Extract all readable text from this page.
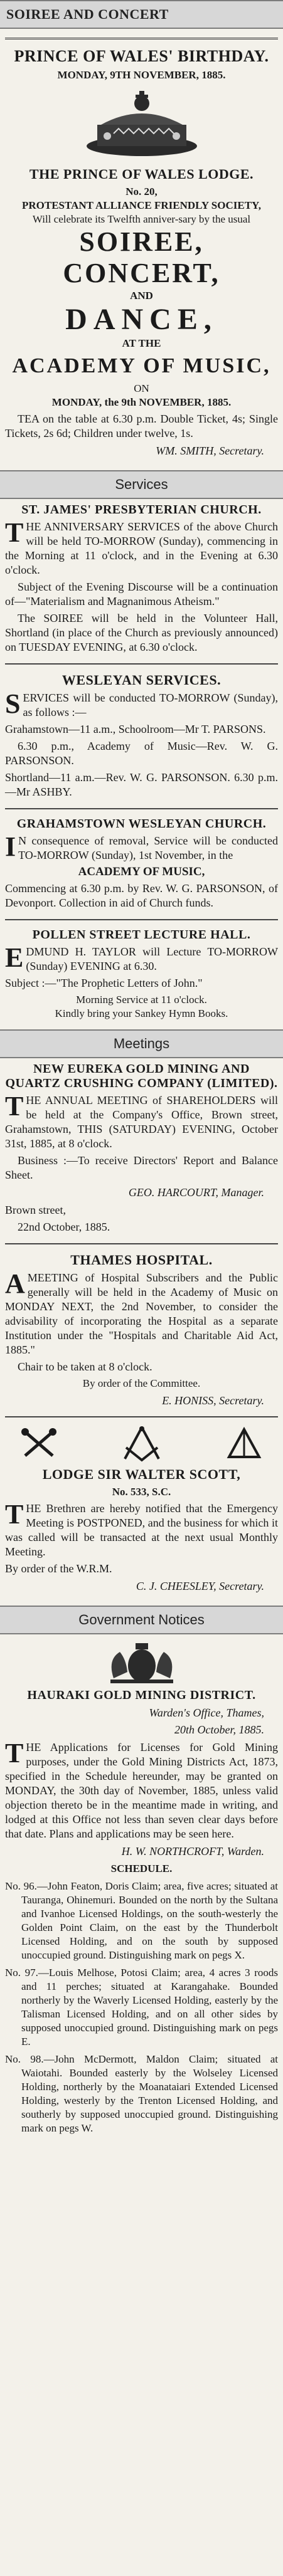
SOIREE AND CONCERT
PRINCE OF WALES' BIRTHDAY.
MONDAY, 9TH NOVEMBER, 1885.
THE PRINCE OF WALES LODGE.
No. 20,
PROTESTANT ALLIANCE FRIENDLY SOCIETY,
Will celebrate its Twelfth anniver-sary by the usual
SOIREE, CONCERT,
AND
DANCE,
AT THE
ACADEMY OF MUSIC,
ON
MONDAY, the 9th NOVEMBER, 1885.
TEA on the table at 6.30 p.m. Double Ticket, 4s; Single Tickets, 2s 6d; Children under twelve, 1s.
WM. SMITH, Secretary.
Services
ST. JAMES' PRESBYTERIAN CHURCH.
THE ANNIVERSARY SERVICES of the above Church will be held TO-MORROW (Sunday), commencing in the Morning at 11 o'clock, and in the Evening at 6.30 o'clock.
Subject of the Evening Discourse will be a continuation of—"Materialism and Magnanimous Atheism."
The SOIREE will be held in the Volunteer Hall, Shortland (in place of the Church as previously announced) on TUESDAY EVENING, at 6.30 o'clock.
WESLEYAN SERVICES.
SERVICES will be conducted TO-MORROW (Sunday), as follows :—
Grahamstown—11 a.m., Schoolroom—Mr T. PARSONS.
6.30 p.m., Academy of Music—Rev. W. G. PARSONSON.
Shortland—11 a.m.—Rev. W. G. PARSONSON. 6.30 p.m.—Mr ASHBY.
GRAHAMSTOWN WESLEYAN CHURCH.
IN consequence of removal, Service will be conducted TO-MORROW (Sunday), 1st November, in the
ACADEMY OF MUSIC,
Commencing at 6.30 p.m. by Rev. W. G. PARSONSON, of Devonport. Collection in aid of Church funds.
POLLEN STREET LECTURE HALL.
EDMUND H. TAYLOR will Lecture TO-MORROW (Sunday) EVENING at 6.30.
Subject :—"The Prophetic Letters of John."
Morning Service at 11 o'clock.
Kindly bring your Sankey Hymn Books.
Meetings
NEW EUREKA GOLD MINING AND QUARTZ CRUSHING COMPANY (LIMITED).
THE ANNUAL MEETING of SHAREHOLDERS will be held at the Company's Office, Brown street, Grahamstown, THIS (SATURDAY) EVENING, October 31st, 1885, at 8 o'clock.
Business :—To receive Directors' Report and Balance Sheet.
GEO. HARCOURT, Manager.
Brown street,
22nd October, 1885.
THAMES HOSPITAL.
AMEETING of Hospital Subscribers and the Public generally will be held in the Academy of Music on MONDAY NEXT, the 2nd November, to consider the advisability of incorporating the Hospital as a separate Institution under the "Hospitals and Charitable Aid Act, 1885."
Chair to be taken at 8 o'clock.
By order of the Committee.
E. HONISS, Secretary.
LODGE SIR WALTER SCOTT,
No. 533, S.C.
THE Brethren are hereby notified that the Emergency Meeting is POSTPONED, and the business for which it was called will be transacted at the next usual Monthly Meeting.
By order of the W.R.M.
C. J. CHEESLEY, Secretary.
Government Notices
HAURAKI GOLD MINING DISTRICT.
Warden's Office, Thames,
20th October, 1885.
THE Applications for Licenses for Gold Mining purposes, under the Gold Mining Districts Act, 1873, specified in the Schedule hereunder, may be granted on MONDAY, the 30th day of November, 1885, unless valid objection thereto be in the meantime made in writing, and lodged at this Office not less than seven clear days before that date. Plans and applications may be seen here.
H. W. NORTHCROFT, Warden.
SCHEDULE.
No. 96.—John Featon, Doris Claim; area, five acres; situated at Tauranga, Ohinemuri. Bounded on the north by the Sultana and Ivanhoe Licensed Holdings, on the south-westerly the Golden Point Claim, on the east by the Thunderbolt Licensed Holding, and on the south by supposed unoccupied ground. Distinguishing mark on pegs X.
No. 97.—Louis Melhose, Potosi Claim; area, 4 acres 3 roods and 11 perches; situated at Karangahake. Bounded northerly by the Waverly Licensed Holding, easterly by the Talisman Licensed Holding, and on all other sides by supposed unoccupied ground. Distinguishing mark on pegs E.
No. 98.—John McDermott, Maldon Claim; situated at Waiotahi. Bounded easterly by the Wolseley Licensed Holding, northerly by the Moanataiari Extended Licensed Holding, westerly by the Trenton Licensed Holding, and southerly by supposed unoccupied ground. Distinguishing mark on pegs W.
